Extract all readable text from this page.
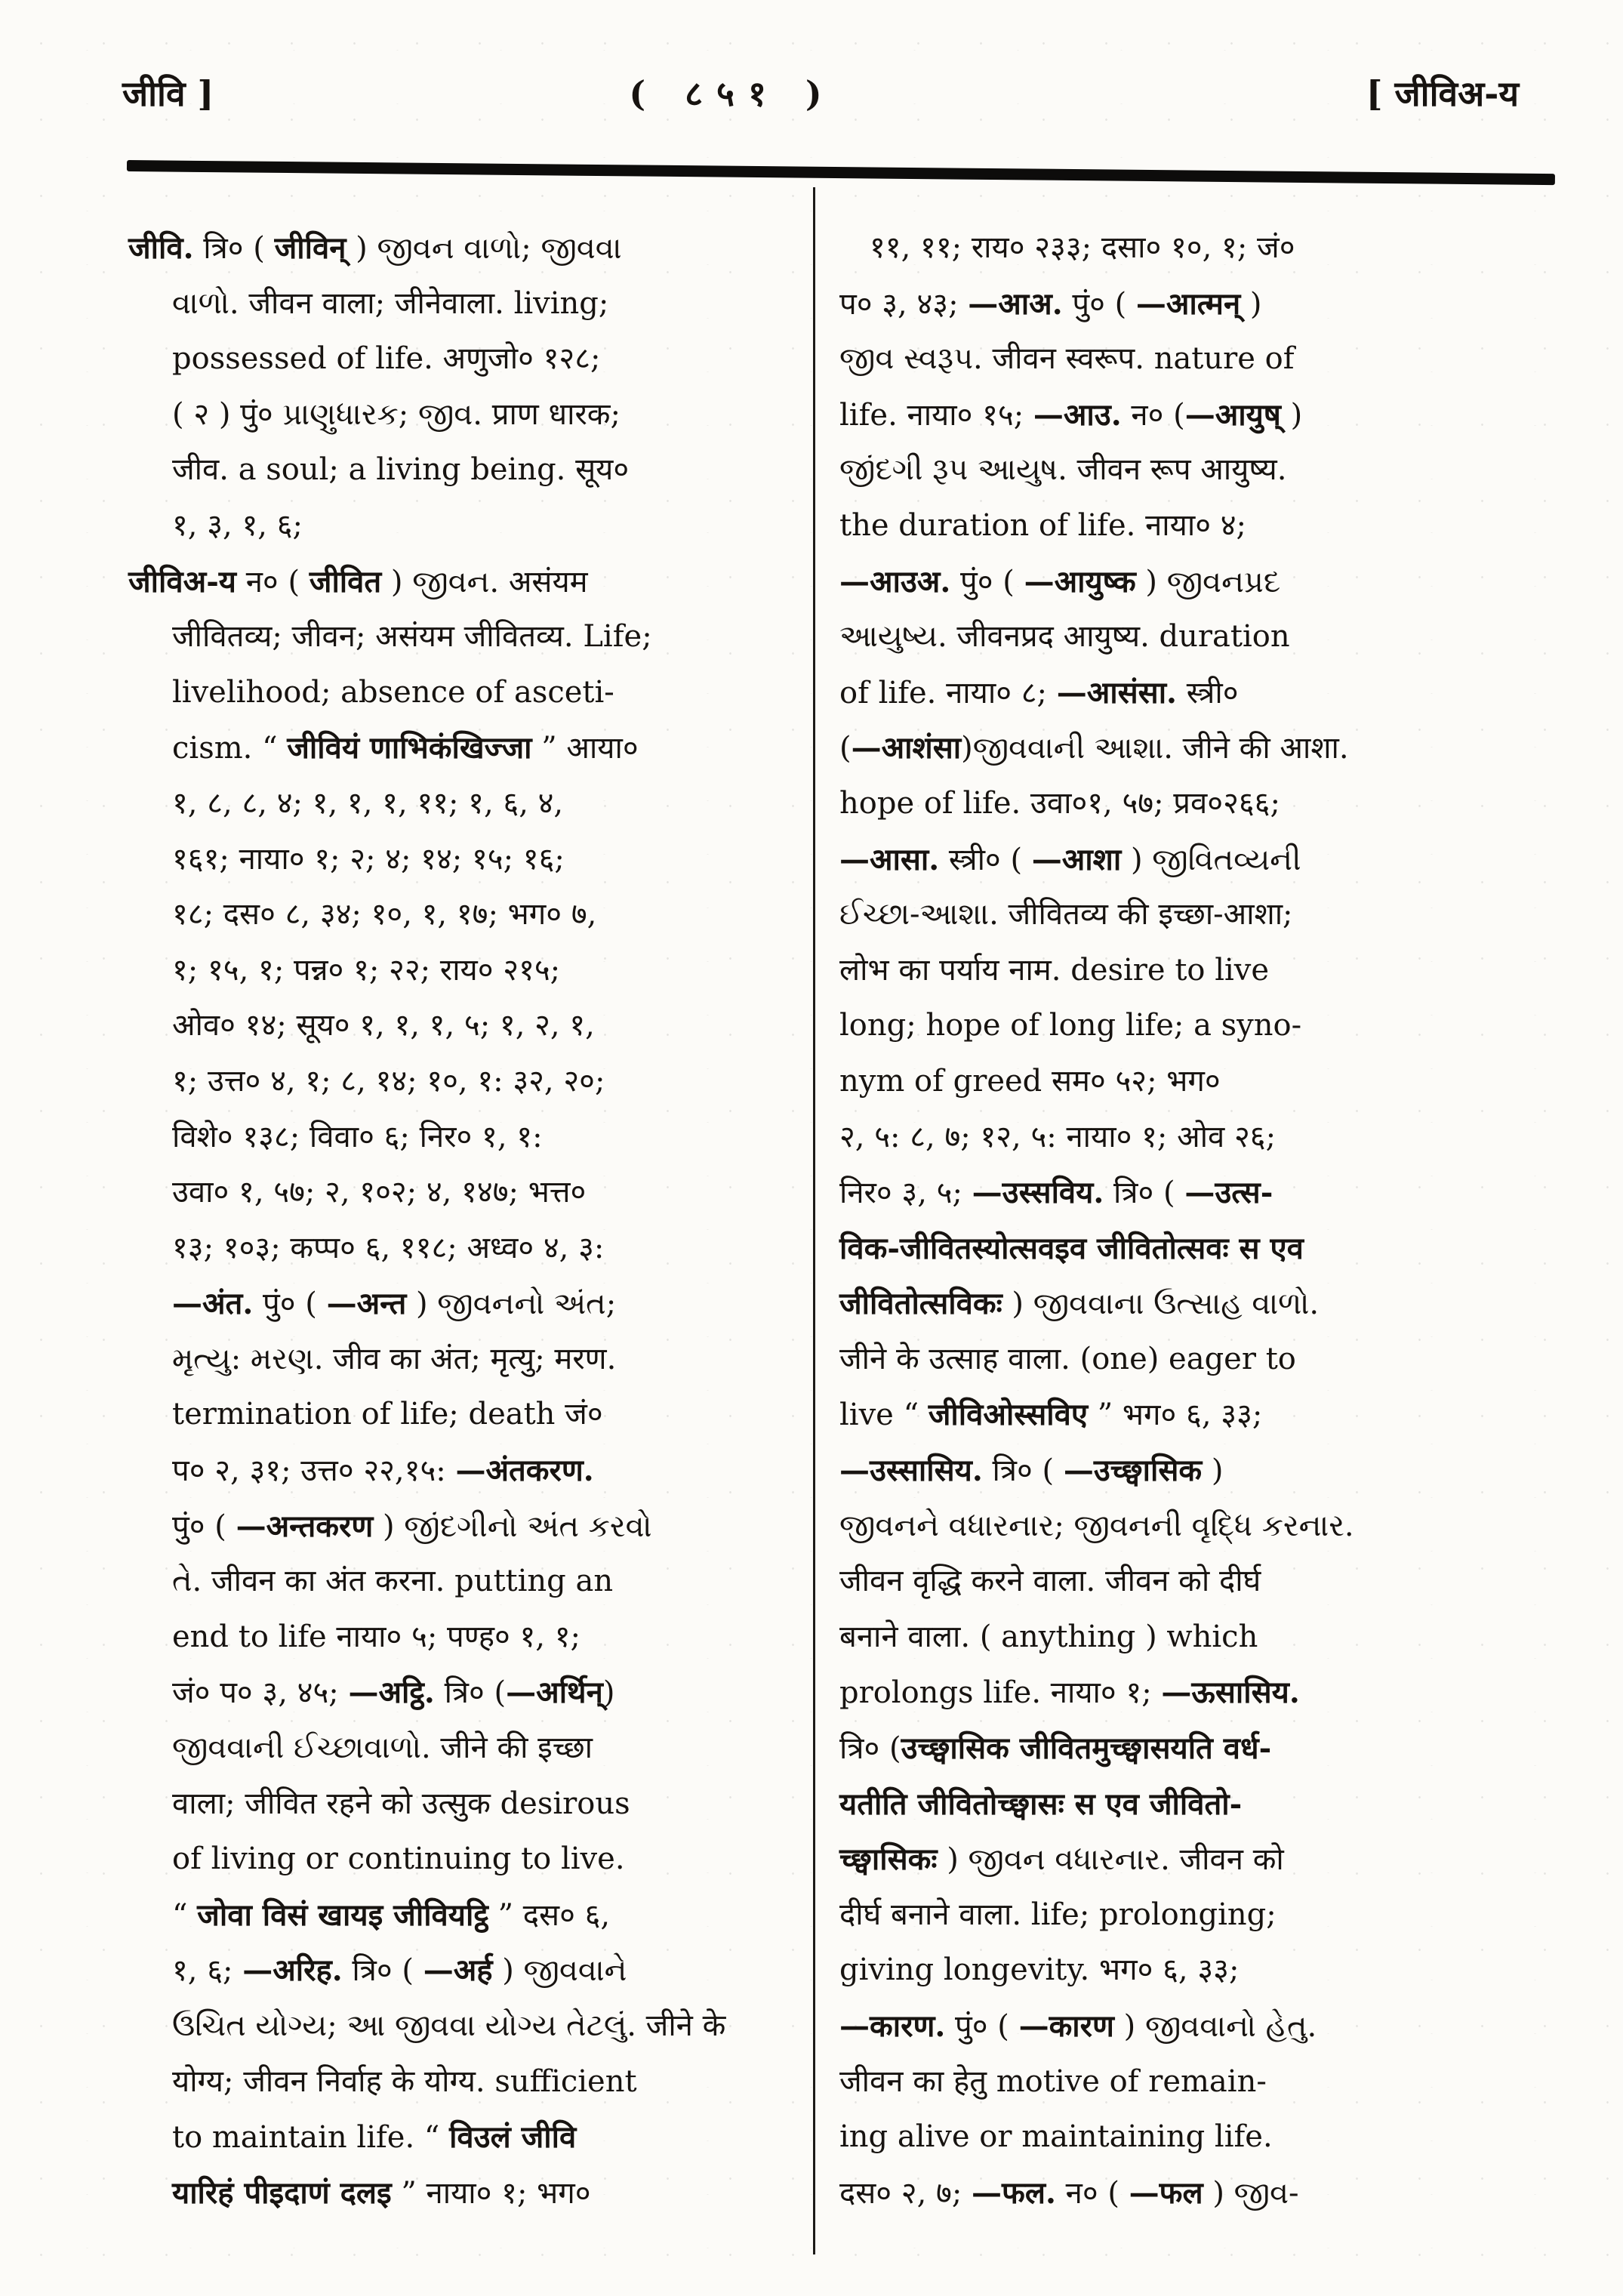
जीवि ]	( ८५१ )	[ जीविअ-य
जीवि. त्रि० ( जीविन् ) જીવન વાળો; જીવવા
વાળો. जीवन वाला; जीनेवाला. living;
possessed of life. अणुजो० १२८;
( २ ) पुं० પ્રાણુધારક; જીવ. प्राण धारक;
जीव. a soul; a living being. सूय०
१, ३, १, ६;
जीविअ-य न० ( जीवित ) જીવન. असंयम
जीवितव्य; जीवन; असंयम जीवितव्य. Life;
livelihood; absence of asceti-
cism. “ जीवियं णाभिकंखिज्जा ” आया०
१, ८, ८, ४; १, १, १, ११; १, ६, ४,
१६१; नाया० १; २; ४; १४; १५; १६;
१८; दस० ८, ३४; १०, १, १७; भग० ७,
१; १५, १; पन्न० १; २२; राय० २१५;
ओव० १४; सूय० १, १, १, ५; १, २, १,
१; उत्त० ४, १; ८, १४; १०, १: ३२, २०;
विशे० १३८; विवा० ६; निर० १, १:
उवा० १, ५७; २, १०२; ४, १४७; भत्त०
१३; १०३; कप्प० ६, ११८; अध्व० ४, ३:
—अंत. पुं० ( —अन्त ) જીવનનો અંત;
મૃત્યુ: મરણ. जीव का अंत; मृत्यु; मरण.
termination of life; death जं०
प० २, ३१; उत्त० २२,१५: —अंतकरण.
पुं० ( —अन्तकरण ) જીંદગીનો અંત કરવો
તે. जीवन का अंत करना. putting an
end to life नाया० ५; पण्ह० १, १;
जं० प० ३, ४५; —अट्ठि. त्रि० (—अर्थिन्)
જીવવાની ઈચ્છાવાળો. जीने की इच्छा
वाला; जीवित रहने को उत्सुक desirous
of living or continuing to live.
“ जोवा विसं खायइ जीवियट्ठि ” दस० ६,
१, ६; —अरिह. त्रि० ( —अर्ह ) જીવવાને
ઉચિત યોગ્ય; આ જીવવા યોગ્ય તેટલું. जीने के
योग्य; जीवन निर्वाह के योग्य. sufficient
to maintain life. “ विउलं जीवि
यारिहं पीइदाणं दलइ ” नाया० १; भग०
११, ११; राय० २३३; दसा० १०, १; जं०
प० ३, ४३; —आअ. पुं० ( —आत्मन् )
જીવ સ્વરૂપ. जीवन स्वरूप. nature of
life. नाया० १५; —आउ. न० (—आयुष् )
જીંદગી રૂપ આયુષ. जीवन रूप आयुष्य.
the duration of life. नाया० ४;
—आउअ. पुं० ( —आयुष्क ) જીવનપ્રદ
આયુષ્ય. जीवनप्रद आयुष्य. duration
of life. नाया० ८; —आसंसा. स्त्री०
(—आशंसा)જીવવાની આશા. जीने की आशा.
hope of life. उवा०१, ५७; प्रव०२६६;
—आसा. स्त्री० ( —आशा ) જીવિતવ્યની
ઈચ્છા-આશા. जीवितव्य की इच्छा-आशा;
लोभ का पर्याय नाम. desire to live
long; hope of long life; a syno-
nym of greed सम० ५२; भग०
२, ५: ८, ७; १२, ५: नाया० १; ओव २६;
निर० ३, ५; —उस्सविय. त्रि० ( —उत्स-
विक-जीवितस्योत्सवइव जीवितोत्सवः स एव
जीवितोत्सविकः ) જીવવાના ઉત્સાહ વાળો.
जीने के उत्साह वाला. (one) eager to
live “ जीविओस्सविए ” भग० ६, ३३;
—उस्सासिय. त्रि० ( —उच्छ्वासिक )
જીવનને વધારનાર; જીવનની વૃદ્ધિ કરનાર.
जीवन वृद्धि करने वाला. जीवन को दीर्घ
बनाने वाला. ( anything ) which
prolongs life. नाया० १; —ऊसासिय.
त्रि० (उच्छ्वासिक जीवितमुच्छ्वासयति वर्ध-
यतीति जीवितोच्छ्वासः स एव जीवितो-
च्छ्वासिकः ) જીવન વધારનાર. जीवन को
दीर्घ बनाने वाला. life; prolonging;
giving longevity. भग० ६, ३३;
—कारण. पुं० ( —कारण ) જીવવાનો હેતુ.
जीवन का हेतु motive of remain-
ing alive or maintaining life.
दस० २, ७; —फल. न० ( —फल ) જીવ-
